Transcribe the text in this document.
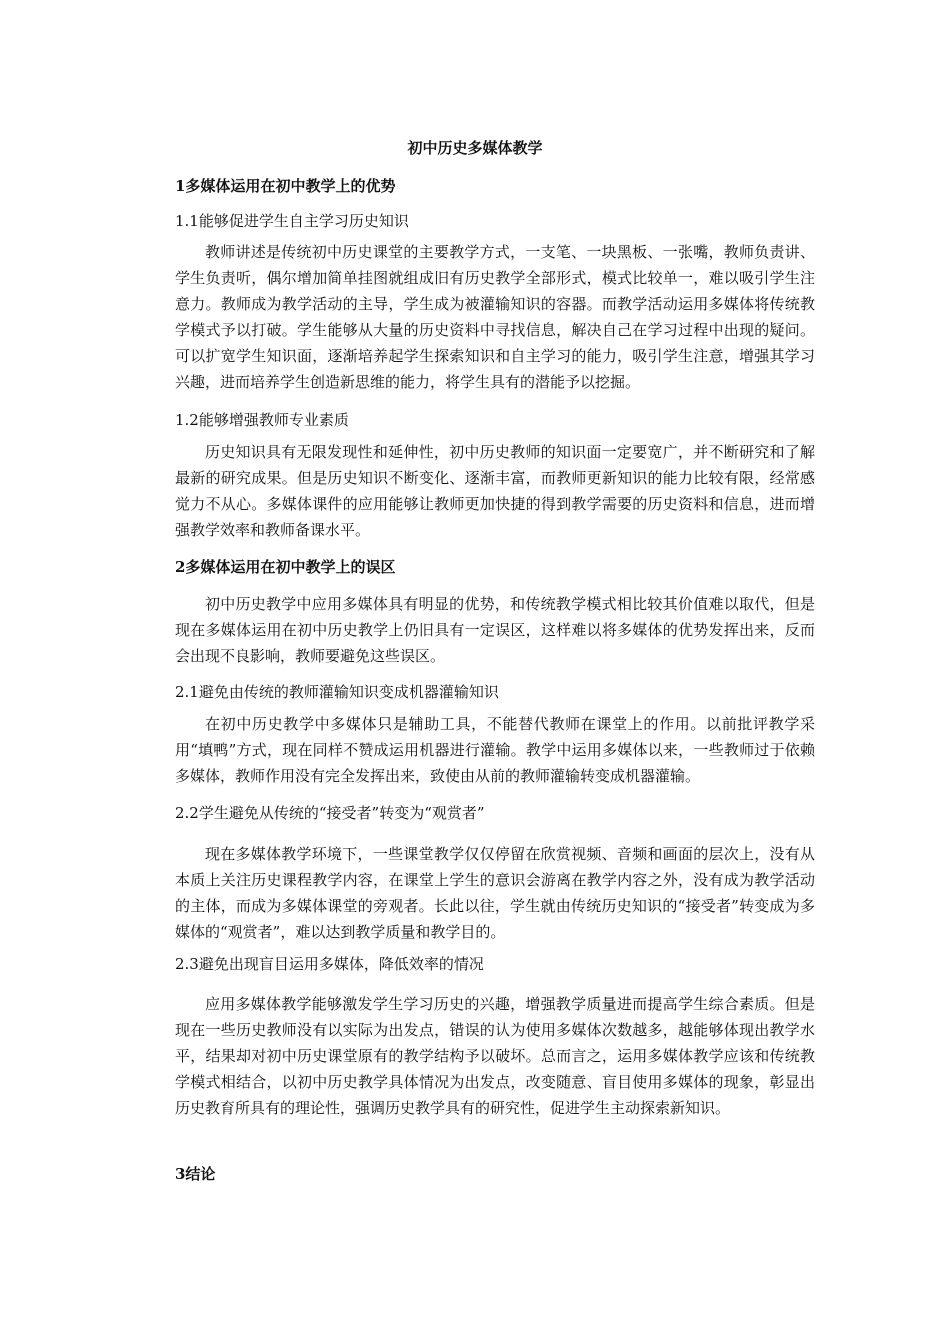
初中历史多媒体教学
1多媒体运用在初中教学上的优势
1.1能够促进学生自主学习历史知识

教师讲述是传统初中历史课堂的主要教学方式，一支笔、一块黑板、一张嘴，教师负责讲、学生负责听，偶尔增加简单挂图就组成旧有历史教学全部形式，模式比较单一，难以吸引学生注意力。教师成为教学活动的主导，学生成为被灌输知识的容器。而教学活动运用多媒体将传统教学模式予以打破。学生能够从大量的历史资料中寻找信息，解决自己在学习过程中出现的疑问。可以扩宽学生知识面，逐渐培养起学生探索知识和自主学习的能力，吸引学生注意，增强其学习兴趣，进而培养学生创造新思维的能力，将学生具有的潜能予以挖掘。

1.2能够增强教师专业素质

历史知识具有无限发现性和延伸性，初中历史教师的知识面一定要宽广，并不断研究和了解最新的研究成果。但是历史知识不断变化、逐渐丰富，而教师更新知识的能力比较有限，经常感觉力不从心。多媒体课件的应用能够让教师更加快捷的得到教学需要的历史资料和信息，进而增强教学效率和教师备课水平。

2多媒体运用在初中教学上的误区

初中历史教学中应用多媒体具有明显的优势，和传统教学模式相比较其价值难以取代，但是现在多媒体运用在初中历史教学上仍旧具有一定误区，这样难以将多媒体的优势发挥出来，反而会出现不良影响，教师要避免这些误区。

2.1避免由传统的教师灌输知识变成机器灌输知识

在初中历史教学中多媒体只是辅助工具，不能替代教师在课堂上的作用。以前批评教学采用“填鸭”方式，现在同样不赞成运用机器进行灌输。教学中运用多媒体以来，一些教师过于依赖多媒体，教师作用没有完全发挥出来，致使由从前的教师灌输转变成机器灌输。

2.2学生避免从传统的“接受者”转变为“观赏者”

现在多媒体教学环境下，一些课堂教学仅仅停留在欣赏视频、音频和画面的层次上，没有从本质上关注历史课程教学内容，在课堂上学生的意识会游离在教学内容之外，没有成为教学活动的主体，而成为多媒体课堂的旁观者。长此以往，学生就由传统历史知识的“接受者”转变成为多媒体的“观赏者”，难以达到教学质量和教学目的。

2.3避免出现盲目运用多媒体，降低效率的情况

应用多媒体教学能够激发学生学习历史的兴趣，增强教学质量进而提高学生综合素质。但是现在一些历史教师没有以实际为出发点，错误的认为使用多媒体次数越多，越能够体现出教学水平，结果却对初中历史课堂原有的教学结构予以破坏。总而言之，运用多媒体教学应该和传统教学模式相结合，以初中历史教学具体情况为出发点，改变随意、盲目使用多媒体的现象，彰显出历史教育所具有的理论性，强调历史教学具有的研究性，促进学生主动探索新知识。

3结论
